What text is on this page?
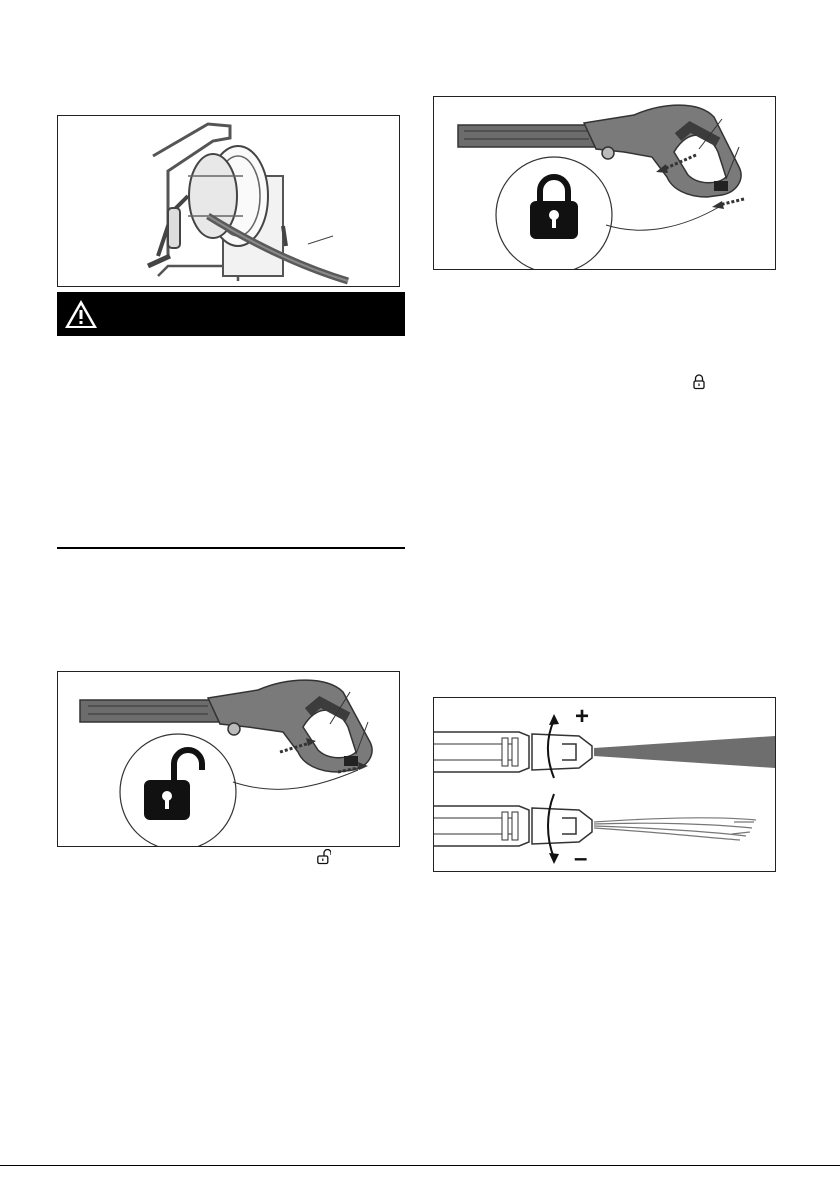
+
–
